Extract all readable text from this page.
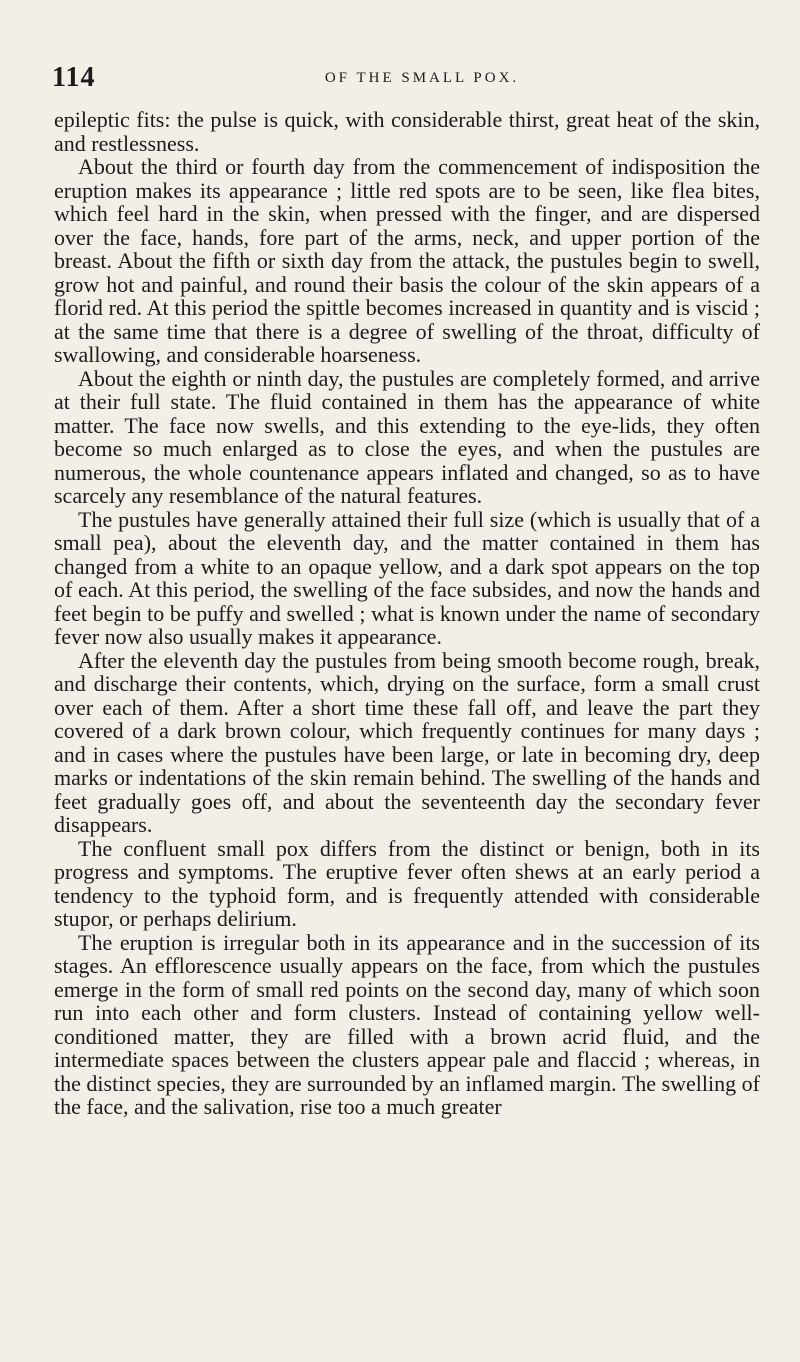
114	OF THE SMALL POX.

epileptic fits: the pulse is quick, with considerable thirst, great heat of the skin, and restlessness.

About the third or fourth day from the commencement of indisposition the eruption makes its appearance ; little red spots are to be seen, like flea bites, which feel hard in the skin, when pressed with the finger, and are dispersed over the face, hands, fore part of the arms, neck, and upper portion of the breast. About the fifth or sixth day from the attack, the pustules begin to swell, grow hot and painful, and round their basis the colour of the skin appears of a florid red. At this period the spittle becomes increased in quantity and is viscid ; at the same time that there is a degree of swelling of the throat, difficulty of swallowing, and considerable hoarseness.

About the eighth or ninth day, the pustules are completely formed, and arrive at their full state. The fluid contained in them has the appearance of white matter. The face now swells, and this extending to the eye-lids, they often become so much enlarged as to close the eyes, and when the pustules are numerous, the whole countenance appears inflated and changed, so as to have scarcely any resemblance of the natural features.

The pustules have generally attained their full size (which is usually that of a small pea), about the eleventh day, and the matter contained in them has changed from a white to an opaque yellow, and a dark spot appears on the top of each. At this period, the swelling of the face subsides, and now the hands and feet begin to be puffy and swelled ; what is known under the name of secondary fever now also usually makes it appearance.

After the eleventh day the pustules from being smooth become rough, break, and discharge their contents, which, drying on the surface, form a small crust over each of them. After a short time these fall off, and leave the part they covered of a dark brown colour, which frequently continues for many days ; and in cases where the pustules have been large, or late in becoming dry, deep marks or indentations of the skin remain behind. The swelling of the hands and feet gradually goes off, and about the seventeenth day the secondary fever disappears.

The confluent small pox differs from the distinct or benign, both in its progress and symptoms. The eruptive fever often shews at an early period a tendency to the typhoid form, and is frequently attended with considerable stupor, or perhaps delirium.

The eruption is irregular both in its appearance and in the succession of its stages. An efflorescence usually appears on the face, from which the pustules emerge in the form of small red points on the second day, many of which soon run into each other and form clusters. Instead of containing yellow well-conditioned matter, they are filled with a brown acrid fluid, and the intermediate spaces between the clusters appear pale and flaccid ; whereas, in the distinct species, they are surrounded by an inflamed margin. The swelling of the face, and the salivation, rise too a much greater
